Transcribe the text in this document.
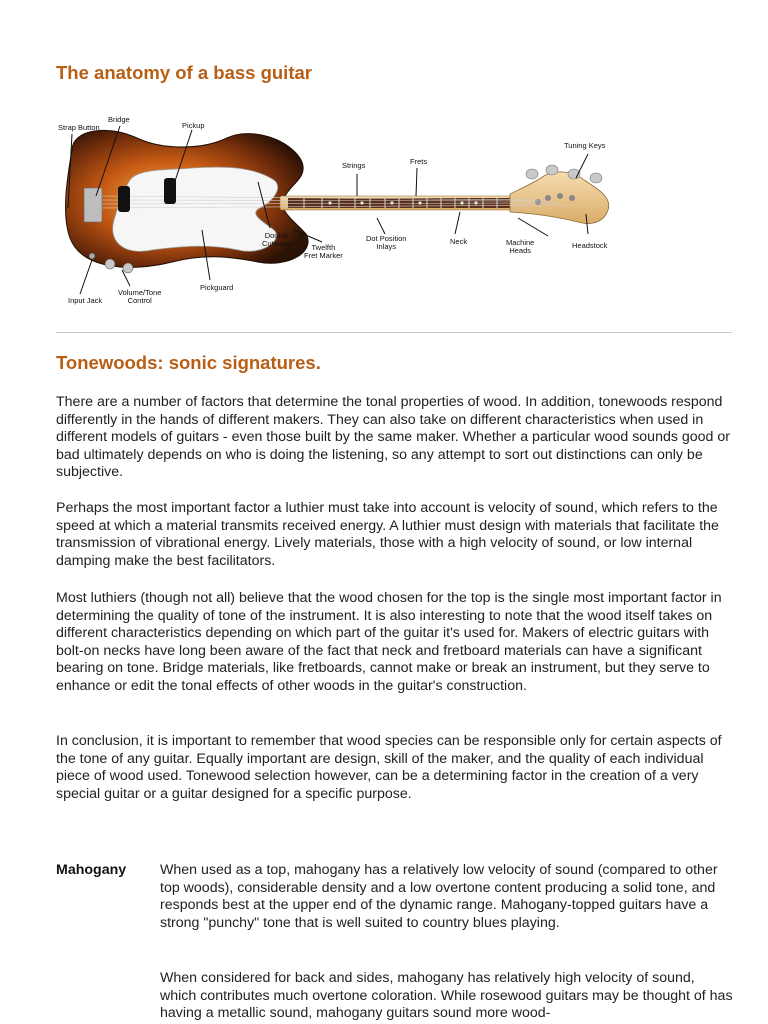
The anatomy of a bass guitar
Strap Button
Bridge
Pickup
Strings	Frets
Tuning Keys
Double
Cutaway	Twelfth
Fret Marker
Dot Position
Inlays
Neck	Machine
Heads
Headstock
Input Jack
Volume/Tone
Control
Pickguard
Tonewoods: sonic signatures.

There are a number of factors that determine the tonal properties of wood. In addition, tonewoods respond differently in the hands of different makers. They can also take on different characteristics when used in different models of guitars - even those built by the same maker. Whether a particular wood sounds good or bad ultimately depends on who is doing the listening, so any attempt to sort out distinctions can only be subjective.

Perhaps the most important factor a luthier must take into account is velocity of sound, which refers to the speed at which a material transmits received energy. A luthier must design with materials that facilitate the transmission of vibrational energy. Lively materials, those with a high velocity of sound, or low internal damping make the best facilitators.

Most luthiers (though not all) believe that the wood chosen for the top is the single most important factor in determining the quality of tone of the instrument. It is also interesting to note that the wood itself takes on different characteristics depending on which part of the guitar it's used for. Makers of electric guitars with bolt-on necks have long been aware of the fact that neck and fretboard materials can have a significant bearing on tone. Bridge materials, like fretboards, cannot make or break an instrument, but they serve to enhance or edit the tonal effects of other woods in the guitar's construction.

In conclusion, it is important to remember that wood species can be responsible only for certain aspects of the tone of any guitar. Equally important are design, skill of the maker, and the quality of each individual piece of wood used. Tonewood selection however, can be a determining factor in the creation of a very special guitar or a guitar designed for a specific purpose.

Mahogany When used as a top, mahogany has a relatively low velocity of sound (compared to other top woods), considerable density and a low overtone content producing a solid tone, and responds best at the upper end of the dynamic range. Mahogany-topped guitars have a strong "punchy" tone that is well suited to country blues playing.

When considered for back and sides, mahogany has relatively high velocity of sound, which contributes much overtone coloration. While rosewood guitars may be thought of has having a metallic sound, mahogany guitars sound more wood-
